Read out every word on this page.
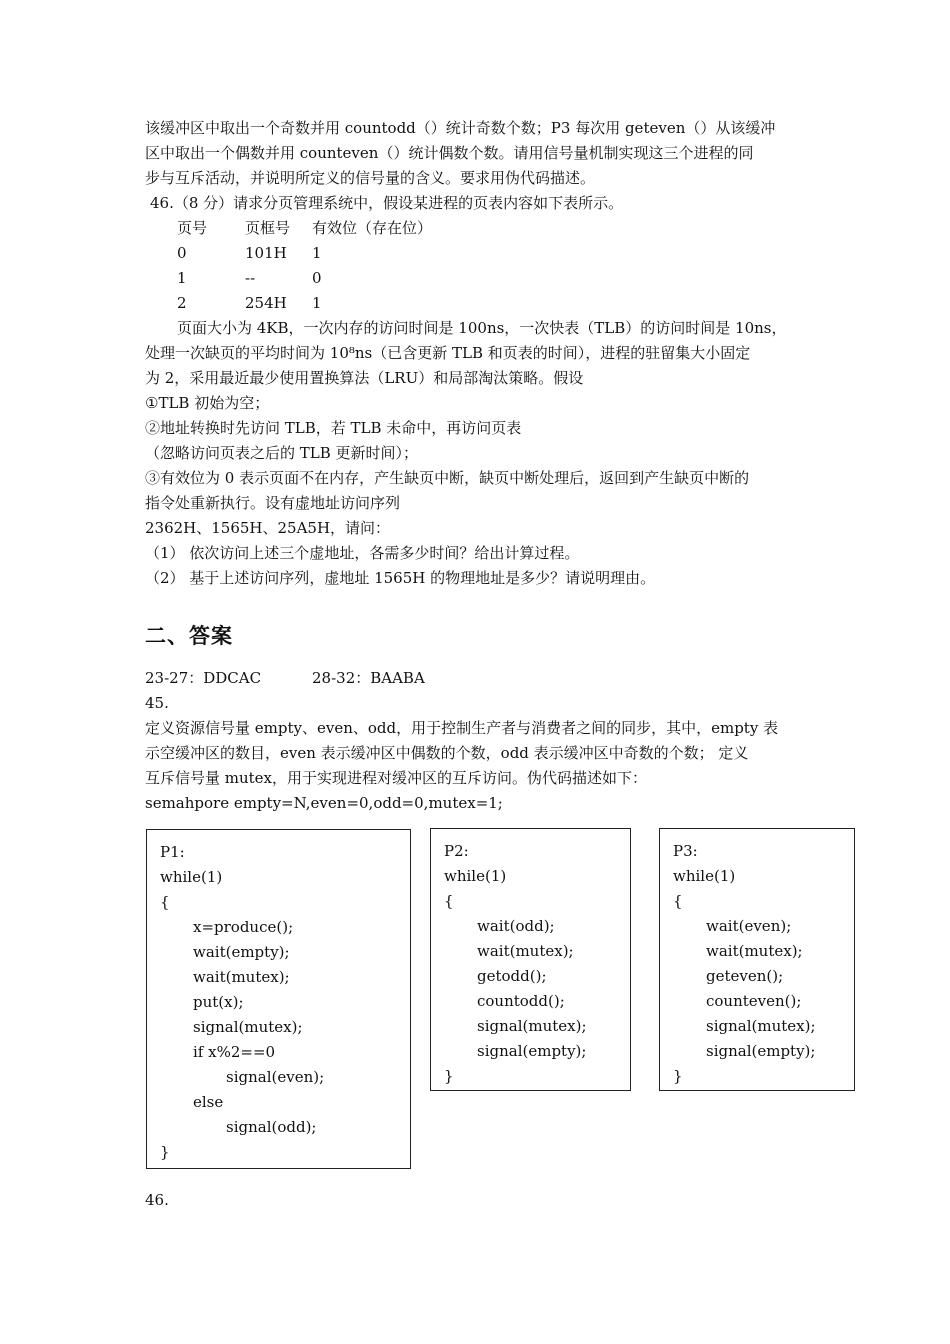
该缓冲区中取出一个奇数并用 countodd（）统计奇数个数；P3 每次用 geteven（）从该缓冲
区中取出一个偶数并用 counteven（）统计偶数个数。请用信号量机制实现这三个进程的同
步与互斥活动，并说明所定义的信号量的含义。要求用伪代码描述。
46.（8 分）请求分页管理系统中，假设某进程的页表内容如下表所示。
页号	页框号 有效位（存在位）
0	101H 1
1	--	0
2	254H 1
页面大小为 4KB，一次内存的访问时间是 100ns，一次快表（TLB）的访问时间是 10ns，
处理一次缺页的平均时间为 10⁸ns（已含更新 TLB 和页表的时间），进程的驻留集大小固定
为 2，采用最近最少使用置换算法（LRU）和局部淘汰策略。假设
①TLB 初始为空；
②地址转换时先访问 TLB，若 TLB 未命中，再访问页表
（忽略访问页表之后的 TLB 更新时间）；
③有效位为 0 表示页面不在内存，产生缺页中断，缺页中断处理后，返回到产生缺页中断的
指令处重新执行。设有虚地址访问序列
2362H、1565H、25A5H，请问：
（1） 依次访问上述三个虚地址，各需多少时间？给出计算过程。
（2） 基于上述访问序列，虚地址 1565H 的物理地址是多少？请说明理由。
二、答案
23-27：DDCAC	28-32：BAABA
45.
定义资源信号量 empty、even、odd，用于控制生产者与消费者之间的同步，其中，empty 表
示空缓冲区的数目，even 表示缓冲区中偶数的个数，odd 表示缓冲区中奇数的个数； 定义
互斥信号量 mutex，用于实现进程对缓冲区的互斥访问。伪代码描述如下：
semahpore empty=N,even=0,odd=0,mutex=1;
P1:
while(1)
{
x=produce();
wait(empty);
wait(mutex);
put(x);
signal(mutex);
if x%2==0
signal(even);
else
signal(odd);
}
P2:
while(1)
{
wait(odd);
wait(mutex);
getodd();
countodd();
signal(mutex);
signal(empty);
}
P3:
while(1)
{
wait(even);
wait(mutex);
geteven();
counteven();
signal(mutex);
signal(empty);
}
46.
